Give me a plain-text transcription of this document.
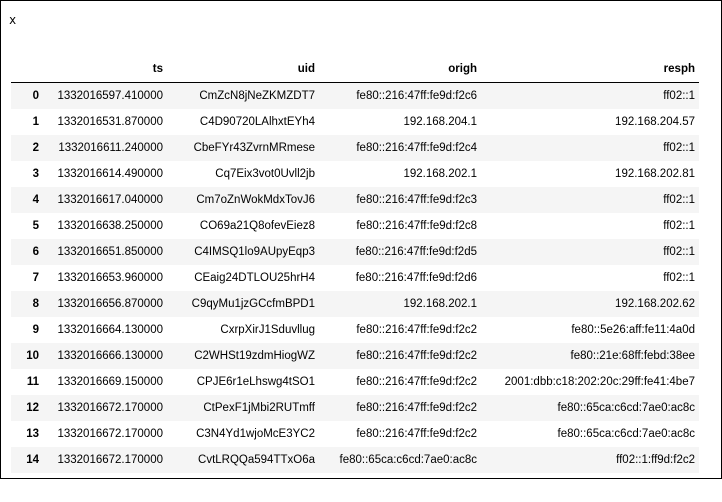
x
	ts	uid	origh	resph
0	1332016597.410000	CmZcN8jNeZKMZDT7	fe80::216:47ff:fe9d:f2c6	ff02::1
1	1332016531.870000	C4D90720LAlhxtEYh4	192.168.204.1	192.168.204.57
2	1332016611.240000	CbeFYr43ZvrnMRmese	fe80::216:47ff:fe9d:f2c4	ff02::1
3	1332016614.490000	Cq7Eix3vot0Uvll2jb	192.168.202.1	192.168.202.81
4	1332016617.040000	Cm7oZnWokMdxTovJ6	fe80::216:47ff:fe9d:f2c3	ff02::1
5	1332016638.250000	CO69a21Q8ofevEiez8	fe80::216:47ff:fe9d:f2c8	ff02::1
6	1332016651.850000	C4IMSQ1lo9AUpyEqp3	fe80::216:47ff:fe9d:f2d5	ff02::1
7	1332016653.960000	CEaig24DTLOU25hrH4	fe80::216:47ff:fe9d:f2d6	ff02::1
8	1332016656.870000	C9qyMu1jzGCcfmBPD1	192.168.202.1	192.168.202.62
9	1332016664.130000	CxrpXirJ1Sduvllug	fe80::216:47ff:fe9d:f2c2	fe80::5e26:aff:fe11:4a0d
10	1332016666.130000	C2WHSt19zdmHiogWZ	fe80::216:47ff:fe9d:f2c2	fe80::21e:68ff:febd:38ee
11	1332016669.150000	CPJE6r1eLhswg4tSO1	fe80::216:47ff:fe9d:f2c2	2001:dbb:c18:202:20c:29ff:fe41:4be7
12	1332016672.170000	CtPexF1jMbi2RUTmff	fe80::216:47ff:fe9d:f2c2	fe80::65ca:c6cd:7ae0:ac8c
13	1332016672.170000	C3N4Yd1wjoMcE3YC2	fe80::216:47ff:fe9d:f2c2	fe80::65ca:c6cd:7ae0:ac8c
14	1332016672.170000	CvtLRQQa594TTxO6a	fe80::65ca:c6cd:7ae0:ac8c	ff02::1:ff9d:f2c2
